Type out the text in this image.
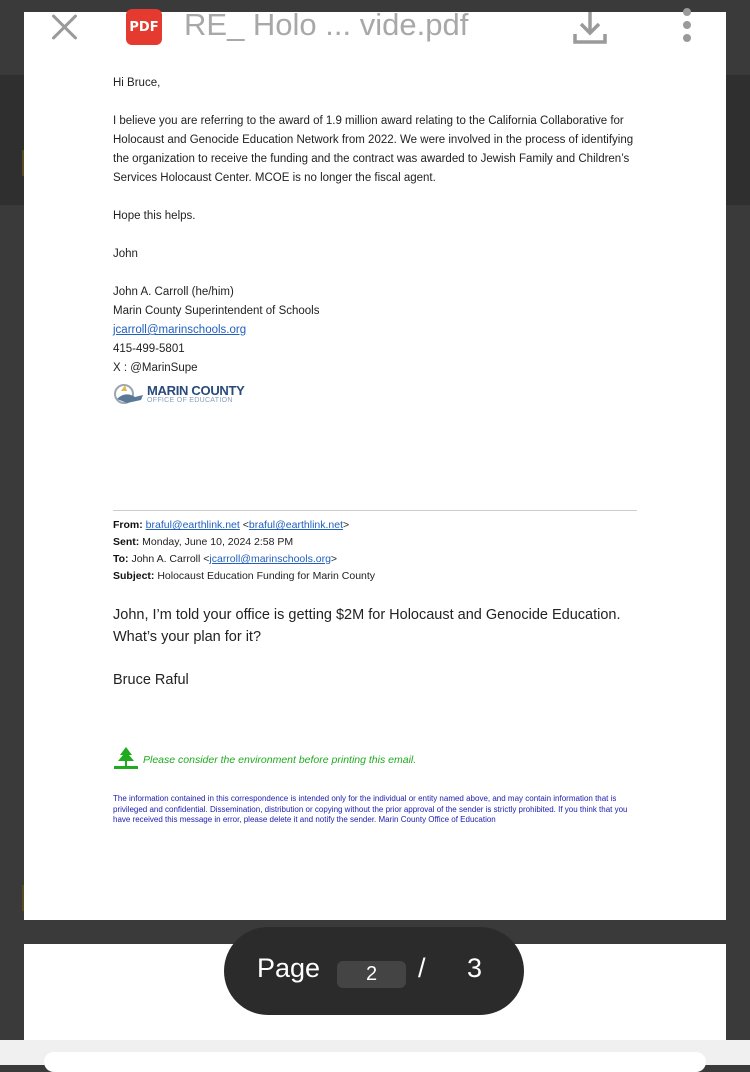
Hi Bruce,

I believe you are referring to the award of 1.9 million award relating to the California Collaborative for Holocaust and Genocide Education Network from 2022. We were involved in the process of identifying the organization to receive the funding and the contract was awarded to Jewish Family and Children’s Services Holocaust Center. MCOE is no longer the fiscal agent.

Hope this helps.

John

John A. Carroll (he/him)

Marin County Superintendent of Schools

jcarroll@marinschools.org

415-499-5801

X : @MarinSupe

MARIN COUNTY
OFFICE OF EDUCATION
From: braful@earthlink.net <braful@earthlink.net>
Sent: Monday, June 10, 2024 2:58 PM
To: John A. Carroll <jcarroll@marinschools.org>
Subject: Holocaust Education Funding for Marin County
John, I’m told your office is getting $2M for Holocaust and Genocide Education. What’s your plan for it?
Bruce Raful
Please consider the environment before printing this email.
The information contained in this correspondence is intended only for the individual or entity named above, and may contain information that is privileged and confidential. Dissemination, distribution or copying without the prior approval of the sender is strictly prohibited. If you think that you have received this message in error, please delete it and notify the sender. Marin County Office of Education
PDF RE_ Holo ... vide.pdf
Page	2	/ 3
